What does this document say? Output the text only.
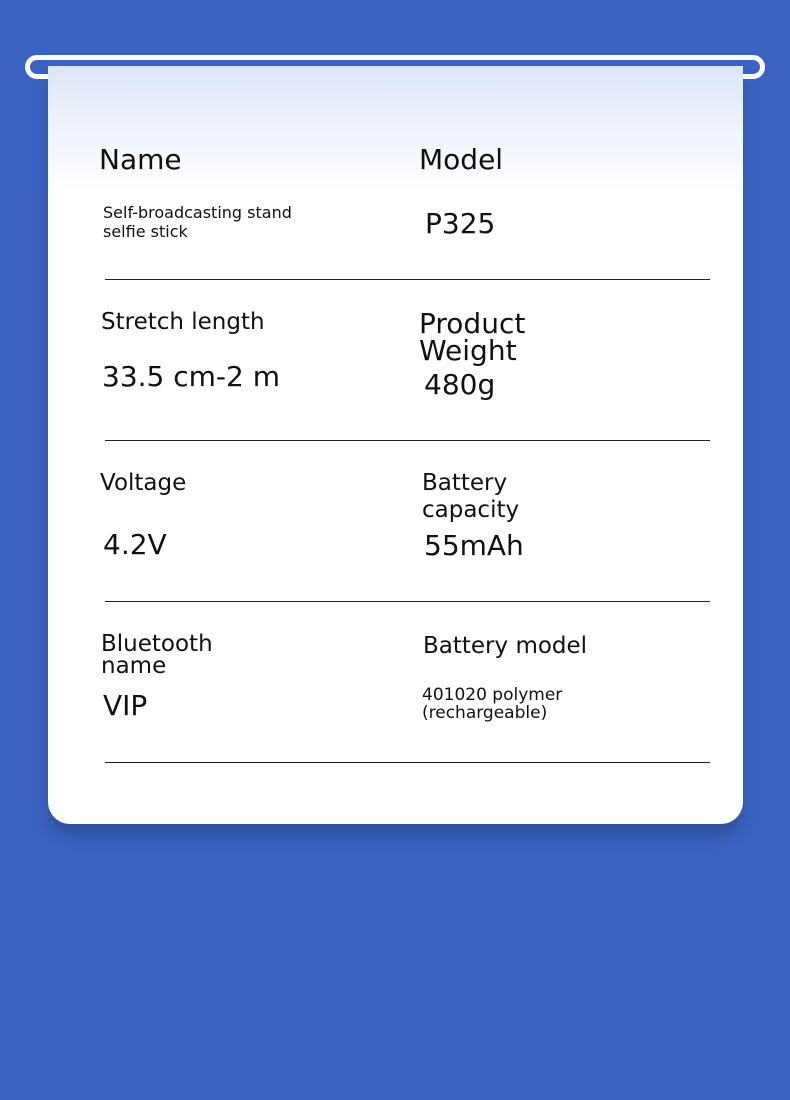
Name
Self-broadcasting stand selfie stick
Model
P325
Stretch length
33.5 cm-2 m
Product Weight
480g
Voltage
4.2V
Battery capacity
55mAh
Bluetooth name
VIP
Battery model
401020 polymer (rechargeable)
